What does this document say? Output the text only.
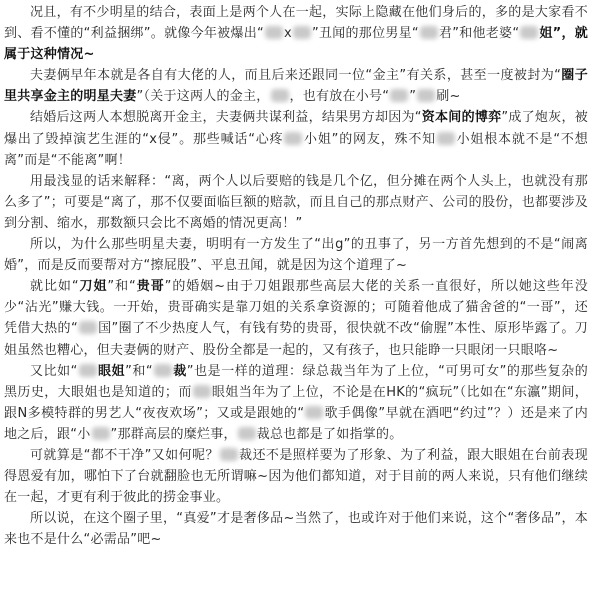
况且，有不少明星的结合，表面上是两个人在一起，实际上隐藏在他们身后的，多的是大家看不到、看不懂的“利益捆绑”。就像今年被爆出“ x ”丑闻的那位男星“ 君”和他老婆“ 姐”，就属于这种情况~

夫妻俩早年本就是各自有大佬的人，而且后来还跟同一位“金主”有关系，甚至一度被封为“圈子里共享金主的明星夫妻”（关于这两人的金主， ，也有放在小号“ ” 刷~

结婚后这两人本想脱离开金主，夫妻俩共谋利益，结果男方却因为“资本间的博弈”成了炮灰，被爆出了毁掉演艺生涯的“x侵”。那些喊话“心疼 小姐”的网友，殊不知 小姐根本就不是“不想离”而是“不能离”啊！

用最浅显的话来解释：“离，两个人以后要赔的钱是几个亿，但分摊在两个人头上，也就没有那么多了”；可要是“离了，那不仅要面临巨额的赔款，而且自己的那点财产、公司的股份，也都要涉及到分割、缩水，那数额只会比不离婚的情况更高！”

所以，为什么那些明星夫妻，明明有一方发生了“出g”的丑事了，另一方首先想到的不是“闹离婚”，而是反而要帮对方“擦屁股”、平息丑闻，就是因为这个道理了~

就比如“刀姐”和“贵哥”的婚姻~由于刀姐跟那些高层大佬的关系一直很好，所以她这些年没少“沾光”赚大钱。一开始，贵哥确实是靠刀姐的关系拿资源的；可随着他成了猫舍爸的“一哥”，还凭借大热的“ 国”圈了不少热度人气，有钱有势的贵哥，很快就不改“偷腥”本性、原形毕露了。刀姐虽然也糟心，但夫妻俩的财产、股份全都是一起的，又有孩子，也只能睁一只眼闭一只眼咯~

又比如“ 眼姐”和“ 裁”也是一样的道理：绿总裁当年为了上位，“可男可女”的那些复杂的黑历史，大眼姐也是知道的；而 眼姐当年为了上位，不论是在HK的“疯玩”（比如在“东瀛”期间，跟N多模特群的男艺人“夜夜欢场”；又或是跟她的“ 歌手偶像”早就在酒吧“约过”？）还是来了内地之后，跟“小 ”那群高层的糜烂事， 裁总也都是了如指掌的。

可就算是“都不干净”又如何呢？ 裁还不是照样要为了形象、为了利益，跟大眼姐在台前表现得恩爱有加，哪怕下了台就翻脸也无所谓嘛~因为他们都知道，对于目前的两人来说，只有他们继续在一起，才更有利于彼此的捞金事业。

所以说，在这个圈子里，“真爱”才是奢侈品~当然了，也或许对于他们来说，这个“奢侈品”，本来也不是什么“必需品”吧~
